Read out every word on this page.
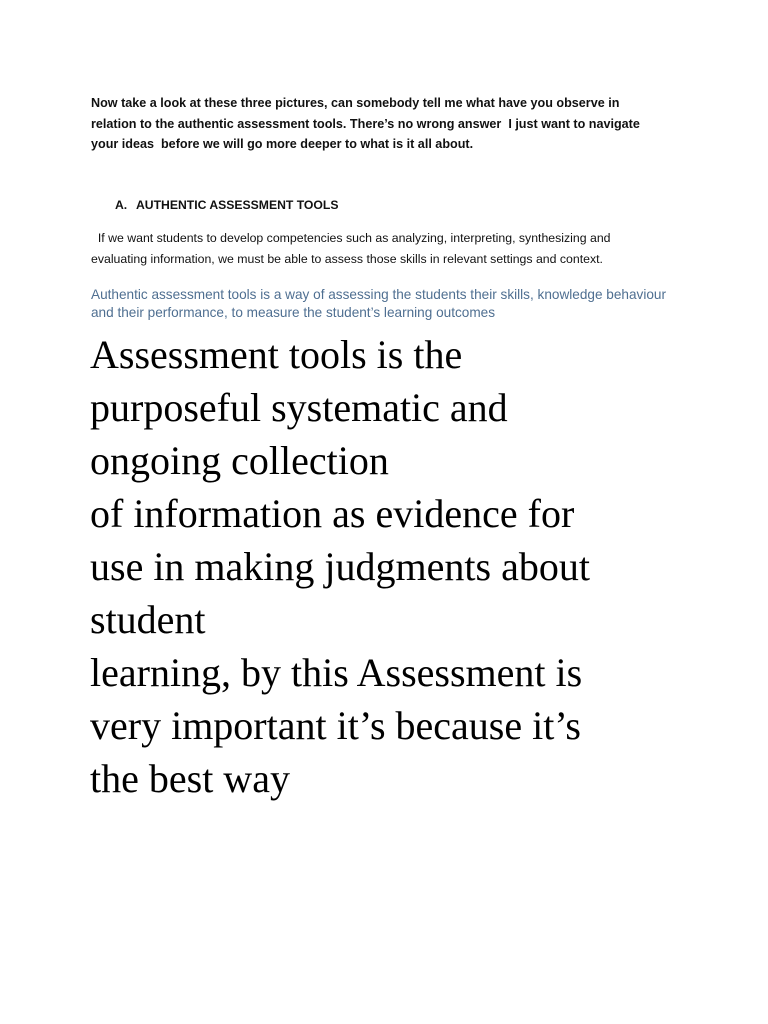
Now take a look at these three pictures, can somebody tell me what have you observe in
relation to the authentic assessment tools. There’s no wrong answer  I just want to navigate
your ideas  before we will go more deeper to what is it all about.
A. AUTHENTIC ASSESSMENT TOOLS
If we want students to develop competencies such as analyzing, interpreting, synthesizing and
evaluating information, we must be able to assess those skills in relevant settings and context.
Authentic assessment tools is a way of assessing the students their skills, knowledge behaviour
and their performance, to measure the student’s learning outcomes
Assessment tools is the
purposeful systematic and
ongoing collection
of information as evidence for
use in making judgments about
student
learning, by this Assessment is
very important it’s because it’s
the best way
